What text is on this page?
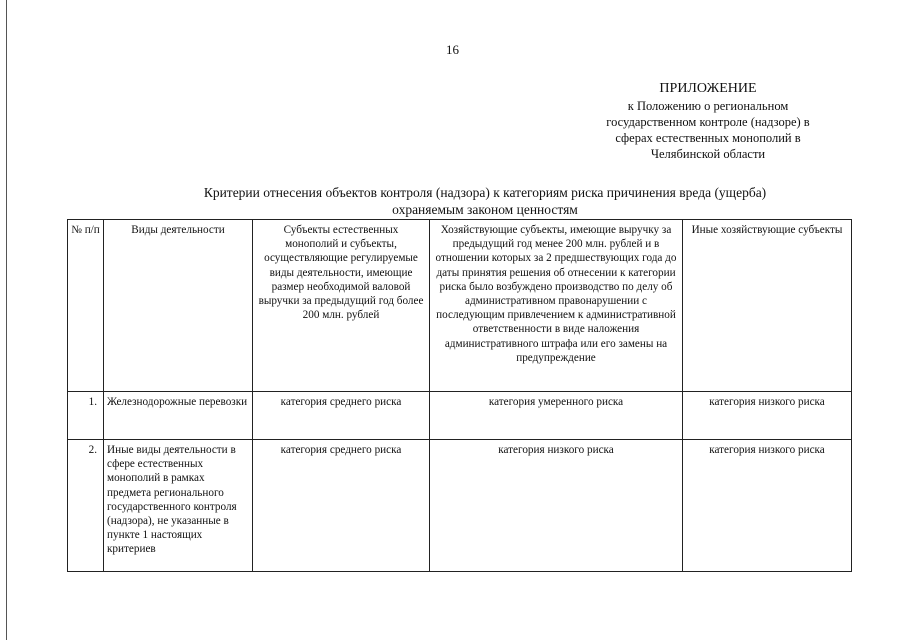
16
ПРИЛОЖЕНИЕ
к Положению о региональном
государственном контроле (надзоре) в
сферах естественных монополий в
Челябинской области
Критерии отнесения объектов контроля (надзора) к категориям риска причинения вреда (ущерба)
охраняемым законом ценностям
№ п/п	Виды деятельности	Субъекты естественных монополий и субъекты, осуществляющие регулируемые виды деятельности, имеющие размер необходимой валовой выручки за предыдущий год более 200 млн. рублей	Хозяйствующие субъекты, имеющие выручку за предыдущий год менее 200 млн. рублей и в отношении которых за 2 предшествующих года до даты принятия решения об отнесении к категории риска было возбуждено производство по делу об административном правонарушении с последующим привлечением к административной ответственности в виде наложения административного штрафа или его замены на предупреждение	Иные хозяйствующие субъекты
1.	Железнодорожные перевозки	категория среднего риска	категория умеренного риска	категория низкого риска
2.	Иные виды деятельности в сфере естественных монополий в рамках предмета регионального государственного контроля (надзора), не указанные в пункте 1 настоящих критериев	категория среднего риска	категория низкого риска	категория низкого риска
